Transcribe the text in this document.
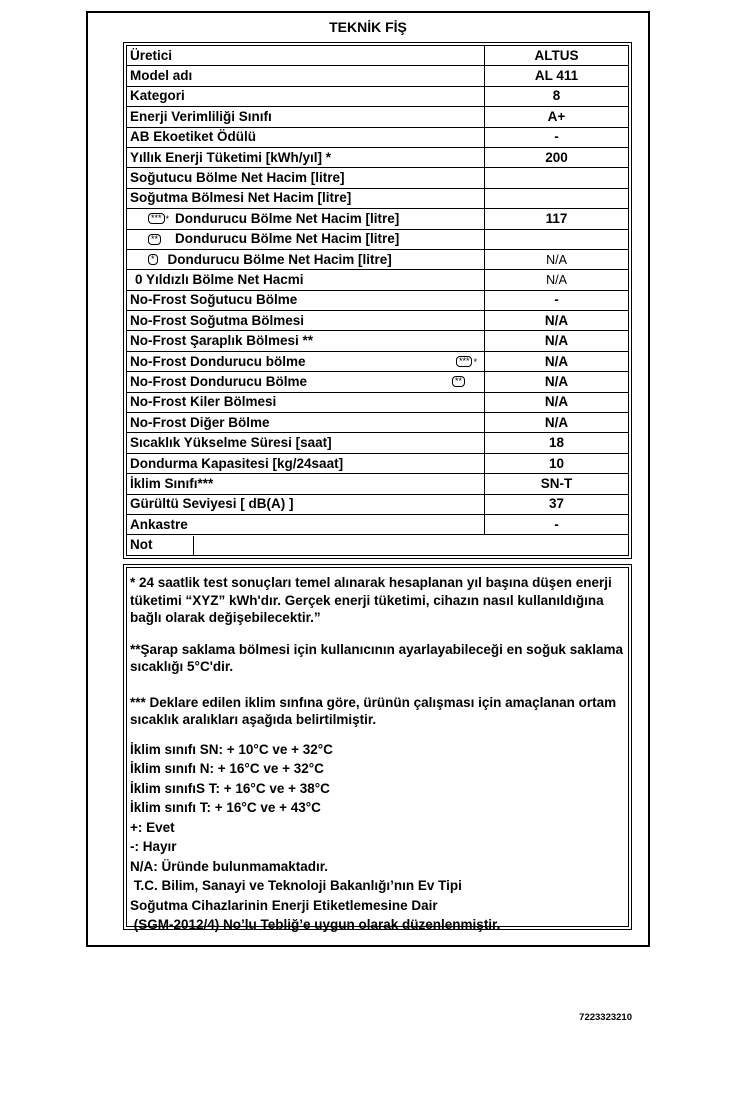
TEKNİK FİŞ
Üretici	ALTUS
Model adı	AL 411
Kategori	8
Enerji Verimliliği Sınıfı	A+
AB Ekoetiket Ödülü	-
Yıllık Enerji Tüketimi [kWh/yıl] *	200
Soğutucu Bölme Net Hacim [litre]	
Soğutma Bölmesi Net Hacim [litre]	

*** * Dondurucu Bölme Net Hacim [litre]	117

** Dondurucu Bölme Net Hacim [litre]	

* Dondurucu Bölme Net Hacim [litre]	N/A

0 Yıldızlı Bölme Net Hacmi	N/A
No-Frost Soğutucu Bölme	-
No-Frost Soğutma Bölmesi	N/A
No-Frost Şaraplık Bölmesi **	N/A

No-Frost Dondurucu bölme *** *	N/A

No-Frost Dondurucu Bölme **	N/A
No-Frost Kiler Bölmesi	N/A
No-Frost Diğer Bölme	N/A
Sıcaklık Yükselme Süresi [saat]	18
Dondurma Kapasitesi [kg/24saat]	10
İklim Sınıfı***	SN-T
Gürültü Seviyesi [ dB(A) ]	37
Ankastre	-

Not	

* 24 saatlik test sonuçları temel alınarak hesaplanan yıl başına düşen enerji tüketimi “XYZ” kWh'dır. Gerçek enerji tüketimi, cihazın nasıl kullanıldığına bağlı olarak değişebilecektir.”

**Şarap saklama bölmesi için kullanıcının ayarlayabileceği en soğuk saklama sıcaklığı 5°C'dir.

*** Deklare edilen iklim sınfına göre, ürünün çalışması için amaçlanan ortam sıcaklık aralıkları aşağıda belirtilmiştir.

İklim sınıfı SN: + 10°C ve + 32°C

İklim sınıfı N: + 16°C ve + 32°C

İklim sınıfıS T: + 16°C ve + 38°C

İklim sınıfı T: + 16°C ve + 43°C

+: Evet

-: Hayır

N/A: Üründe bulunmamaktadır.

T.C. Bilim, Sanayi ve Teknoloji Bakanlığı’nın Ev Tipi

Soğutma Cihazlarinin Enerji Etiketlemesine Dair

(SGM-2012/4) No’lu Tebliğ’e uygun olarak düzenlenmiştir.

7223323210
